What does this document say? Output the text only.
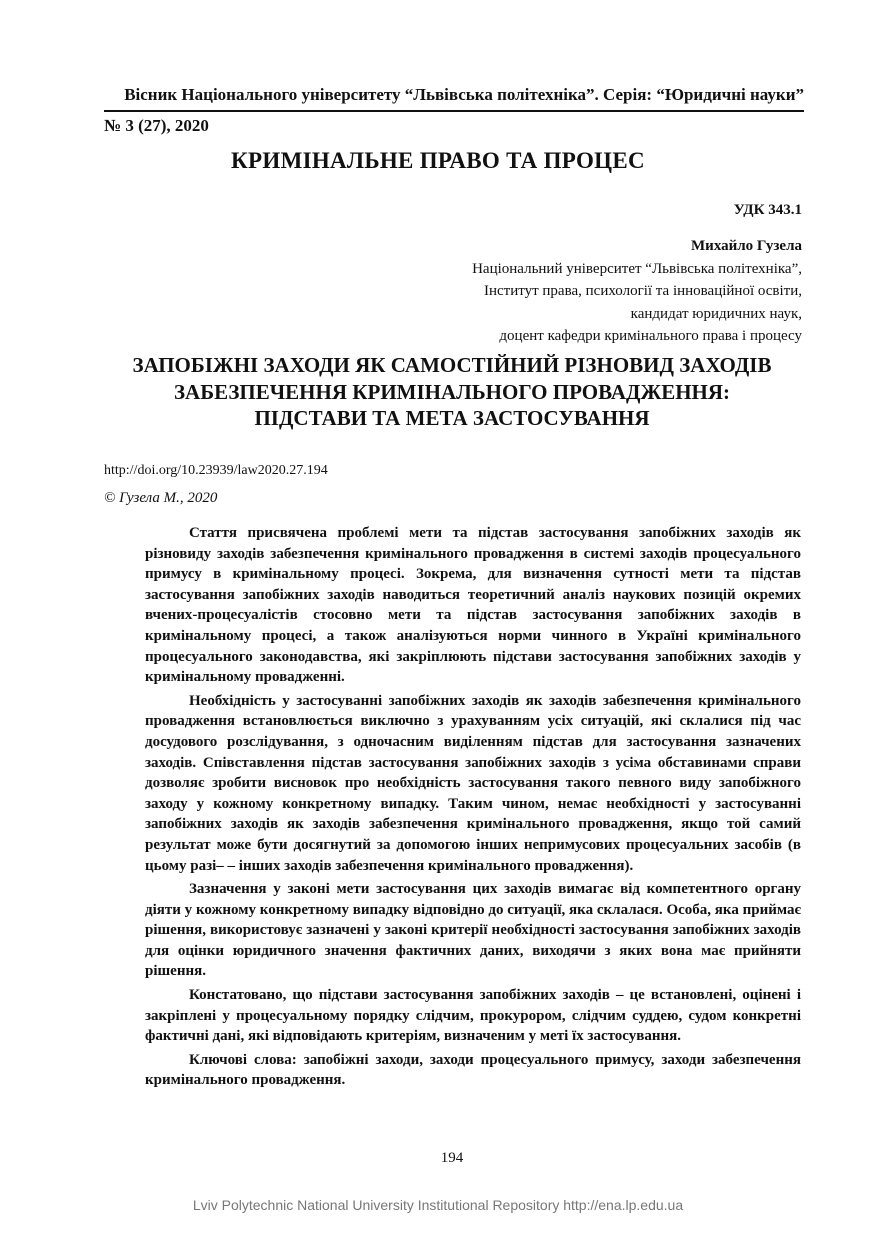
Вісник Національного університету “Львівська політехніка”. Серія: “Юридичні науки”
№ 3 (27), 2020
КРИМІНАЛЬНЕ ПРАВО ТА ПРОЦЕС
УДК 343.1
Михайло Гузела
Національний університет “Львівська політехніка”,
Інститут права, психології та інноваційної освіти,
кандидат юридичних наук,
доцент кафедри кримінального права і процесу
ЗАПОБІЖНІ ЗАХОДИ ЯК САМОСТІЙНИЙ РІЗНОВИД ЗАХОДІВ
ЗАБЕЗПЕЧЕННЯ КРИМІНАЛЬНОГО ПРОВАДЖЕННЯ:
ПІДСТАВИ ТА МЕТА ЗАСТОСУВАННЯ
http://doi.org/10.23939/law2020.27.194
© Гузела М., 2020

Стаття присвячена проблемі мети та підстав застосування запобіжних заходів як різновиду заходів забезпечення кримінального провадження в системі заходів процесуального примусу в кримінальному процесі. Зокрема, для визначення сутності мети та підстав застосування запобіжних заходів наводиться теоретичний аналіз наукових позицій окремих вчених-процесуалістів стосовно мети та підстав застосування запобіжних заходів в кримінальному процесі, а також аналізуються норми чинного в Україні кримінального процесуального законодавства, які закріплюють підстави застосування запобіжних заходів у кримінальному провадженні.

Необхідність у застосуванні запобіжних заходів як заходів забезпечення кримінального провадження встановлюється виключно з урахуванням усіх ситуацій, які склалися під час досудового розслідування, з одночасним виділенням підстав для застосування зазначених заходів. Співставлення підстав застосування запобіжних заходів з усіма обставинами справи дозволяє зробити висновок про необхідність застосування такого певного виду запобіжного заходу у кожному конкретному випадку. Таким чином, немає необхідності у застосуванні запобіжних заходів як заходів забезпечення кримінального провадження, якщо той самий результат може бути досягнутий за допомогою інших непримусових процесуальних засобів (в цьому разі– – інших заходів забезпечення кримінального провадження).

Зазначення у законі мети застосування цих заходів вимагає від компетентного органу діяти у кожному конкретному випадку відповідно до ситуації, яка склалася. Особа, яка приймає рішення, використовує зазначені у законі критерії необхідності застосування запобіжних заходів для оцінки юридичного значення фактичних даних, виходячи з яких вона має прийняти рішення.

Констатовано, що підстави застосування запобіжних заходів – це встановлені, оцінені і закріплені у процесуальному порядку слідчим, прокурором, слідчим суддею, судом конкретні фактичні дані, які відповідають критеріям, визначеним у меті їх застосування.

Ключові слова: запобіжні заходи, заходи процесуального примусу, заходи забезпечення кримінального провадження.

194
Lviv Polytechnic National University Institutional Repository http://ena.lp.edu.ua
